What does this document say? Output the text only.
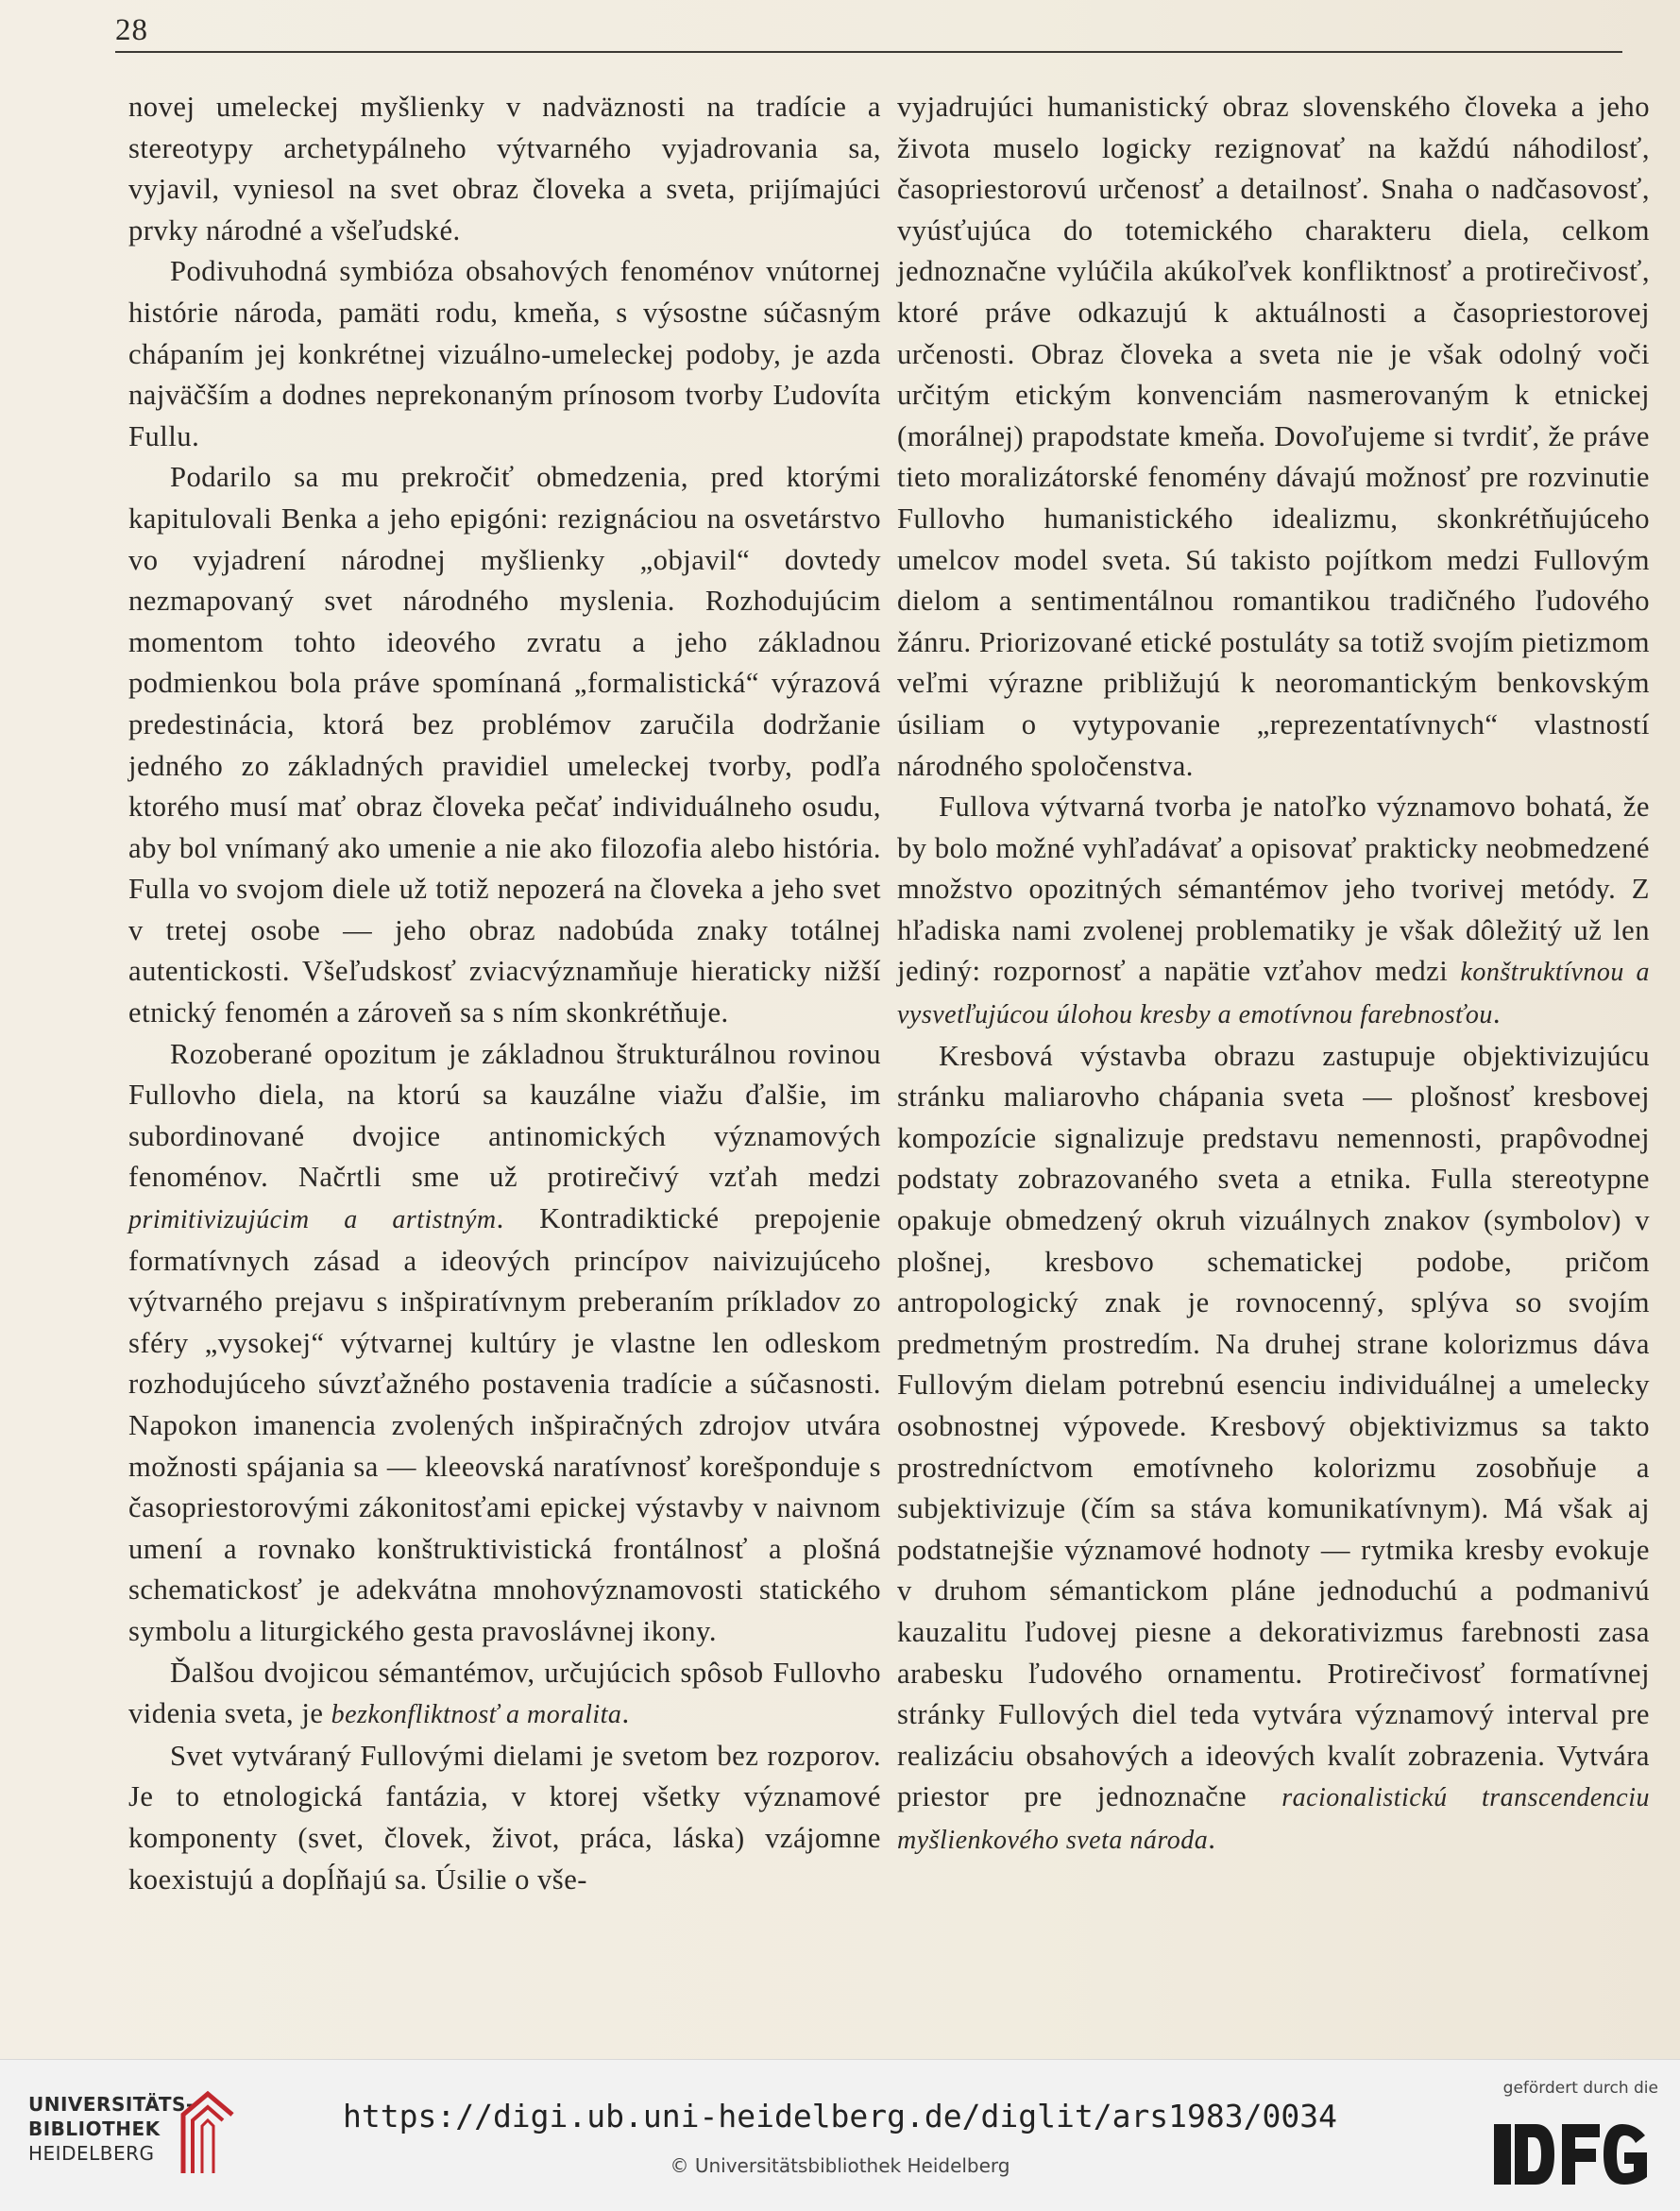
28

novej umeleckej myšlienky v nadväznosti na tradície a stereotypy archetypálneho výtvarného vyjadrovania sa, vyjavil, vyniesol na svet obraz človeka a sveta, prijímajúci prvky národné a všeľudské.

Podivuhodná symbióza obsahových fenoménov vnútornej histórie národa, pamäti rodu, kmeňa, s výsostne súčasným chápaním jej konkrétnej vizuálno-umeleckej podoby, je azda najväčším a dodnes neprekonaným prínosom tvorby Ľudovíta Fullu.

Podarilo sa mu prekročiť obmedzenia, pred ktorými kapitulovali Benka a jeho epigóni: rezignáciou na osvetárstvo vo vyjadrení národnej myšlienky „objavil“ dovtedy nezmapovaný svet národného myslenia. Rozhodujúcim momentom tohto ideového zvratu a jeho základnou podmienkou bola práve spomínaná „formalistická“ výrazová predestinácia, ktorá bez problémov zaručila dodržanie jedného zo základných pravidiel umeleckej tvorby, podľa ktorého musí mať obraz človeka pečať individuálneho osudu, aby bol vnímaný ako umenie a nie ako filozofia alebo história. Fulla vo svojom diele už totiž nepozerá na človeka a jeho svet v tretej osobe — jeho obraz nadobúda znaky totálnej autentickosti. Všeľudskosť zviacvýznamňuje hieraticky nižší etnický fenomén a zároveň sa s ním skonkrétňuje.

Rozoberané opozitum je základnou štrukturálnou rovinou Fullovho diela, na ktorú sa kauzálne viažu ďalšie, im subordinované dvojice antinomických významových fenoménov. Načrtli sme už protirečivý vzťah medzi primitivizujúcim a artistným. Kontradiktické prepojenie formatívnych zásad a ideových princípov naivizujúceho výtvarného prejavu s inšpiratívnym preberaním príkladov zo sféry „vysokej“ výtvarnej kultúry je vlastne len odleskom rozhodujúceho súvzťažného postavenia tradície a súčasnosti. Napokon imanencia zvolených inšpiračných zdrojov utvára možnosti spájania sa — kleeovská naratívnosť korešponduje s časopriestorovými zákonitosťami epickej výstavby v naivnom umení a rovnako konštruktivistická frontálnosť a plošná schematickosť je adekvátna mnohovýznamovosti statického symbolu a liturgického gesta pravoslávnej ikony.

Ďalšou dvojicou sémantémov, určujúcich spôsob Fullovho videnia sveta, je bezkonfliktnosť a moralita.

Svet vytváraný Fullovými dielami je svetom bez rozporov. Je to etnologická fantázia, v ktorej všetky významové komponenty (svet, človek, život, práca, láska) vzájomne koexistujú a dopĺňajú sa. Úsilie o vše-

vyjadrujúci humanistický obraz slovenského človeka a jeho života muselo logicky rezignovať na každú náhodilosť, časopriestorovú určenosť a detailnosť. Snaha o nadčasovosť, vyúsťujúca do totemického charakteru diela, celkom jednoznačne vylúčila akúkoľvek konfliktnosť a protirečivosť, ktoré práve odkazujú k aktuálnosti a časopriestorovej určenosti. Obraz človeka a sveta nie je však odolný voči určitým etickým konvenciám nasmerovaným k etnickej (morálnej) prapodstate kmeňa. Dovoľujeme si tvrdiť, že práve tieto moralizátorské fenomény dávajú možnosť pre rozvinutie Fullovho humanistického idealizmu, skonkrétňujúceho umelcov model sveta. Sú takisto pojítkom medzi Fullovým dielom a sentimentálnou romantikou tradičného ľudového žánru. Priorizované etické postuláty sa totiž svojím pietizmom veľmi výrazne približujú k neoromantickým benkovským úsiliam o vytypovanie „reprezentatívnych“ vlastností národného spoločenstva.

Fullova výtvarná tvorba je natoľko významovo bohatá, že by bolo možné vyhľadávať a opisovať prakticky neobmedzené množstvo opozitných sémantémov jeho tvorivej metódy. Z hľadiska nami zvolenej problematiky je však dôležitý už len jediný: rozpornosť a napätie vzťahov medzi konštruktívnou a vysvetľujúcou úlohou kresby a emotívnou farebnosťou.

Kresbová výstavba obrazu zastupuje objektivizujúcu stránku maliarovho chápania sveta — plošnosť kresbovej kompozície signalizuje predstavu nemennosti, prapôvodnej podstaty zobrazovaného sveta a etnika. Fulla stereotypne opakuje obmedzený okruh vizuálnych znakov (symbolov) v plošnej, kresbovo schematickej podobe, pričom antropologický znak je rovnocenný, splýva so svojím predmetným prostredím. Na druhej strane kolorizmus dáva Fullovým dielam potrebnú esenciu individuálnej a umelecky osobnostnej výpovede. Kresbový objektivizmus sa takto prostredníctvom emotívneho kolorizmu zosobňuje a subjektivizuje (čím sa stáva komunikatívnym). Má však aj podstatnejšie významové hodnoty — rytmika kresby evokuje v druhom sémantickom pláne jednoduchú a podmanivú kauzalitu ľudovej piesne a dekorativizmus farebnosti zasa arabesku ľudového ornamentu. Protirečivosť formatívnej stránky Fullových diel teda vytvára významový interval pre realizáciu obsahových a ideových kvalít zobrazenia. Vytvára priestor pre jednoznačne racionalistickú transcendenciu myšlienkového sveta národa.

UNIVERSITÄTS-
BIBLIOTHEK
HEIDELBERG
https://digi.ub.uni-heidelberg.de/diglit/ars1983/0034
© Universitätsbibliothek Heidelberg
gefördert durch die
